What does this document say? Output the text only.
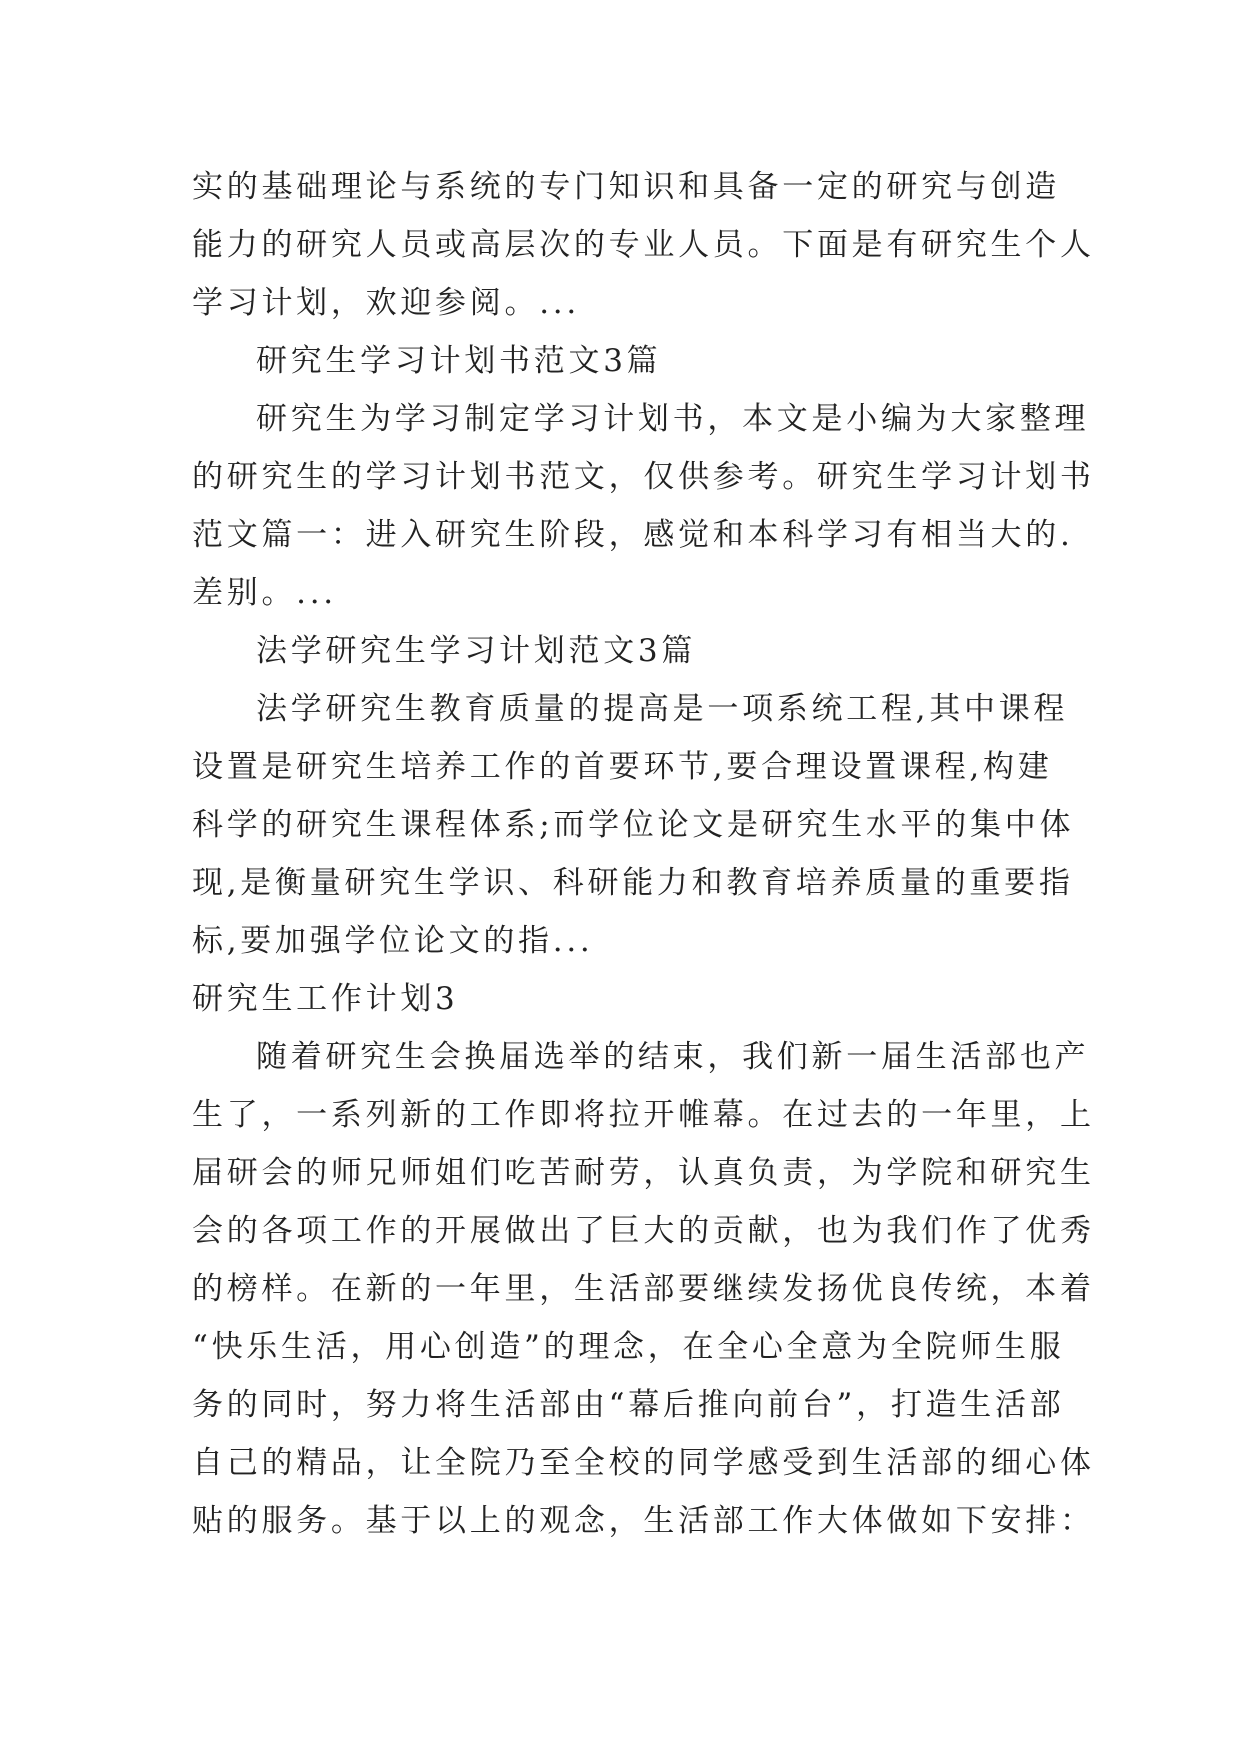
实的基础理论与系统的专门知识和具备一定的研究与创造
能力的研究人员或高层次的专业人员。下面是有研究生个人
学习计划，欢迎参阅。...
研究生学习计划书范文3篇
研究生为学习制定学习计划书，本文是小编为大家整理
的研究生的学习计划书范文，仅供参考。研究生学习计划书
范文篇一：进入研究生阶段，感觉和本科学习有相当大的.
差别。...
法学研究生学习计划范文3篇
法学研究生教育质量的提高是一项系统工程,其中课程
设置是研究生培养工作的首要环节,要合理设置课程,构建
科学的研究生课程体系;而学位论文是研究生水平的集中体
现,是衡量研究生学识、科研能力和教育培养质量的重要指
标,要加强学位论文的指...
研究生工作计划3
随着研究生会换届选举的结束，我们新一届生活部也产
生了，一系列新的工作即将拉开帷幕。在过去的一年里，上
届研会的师兄师姐们吃苦耐劳，认真负责，为学院和研究生
会的各项工作的开展做出了巨大的贡献，也为我们作了优秀
的榜样。在新的一年里，生活部要继续发扬优良传统，本着
“快乐生活，用心创造”的理念，在全心全意为全院师生服
务的同时，努力将生活部由“幕后推向前台”，打造生活部
自己的精品，让全院乃至全校的同学感受到生活部的细心体
贴的服务。基于以上的观念，生活部工作大体做如下安排：
